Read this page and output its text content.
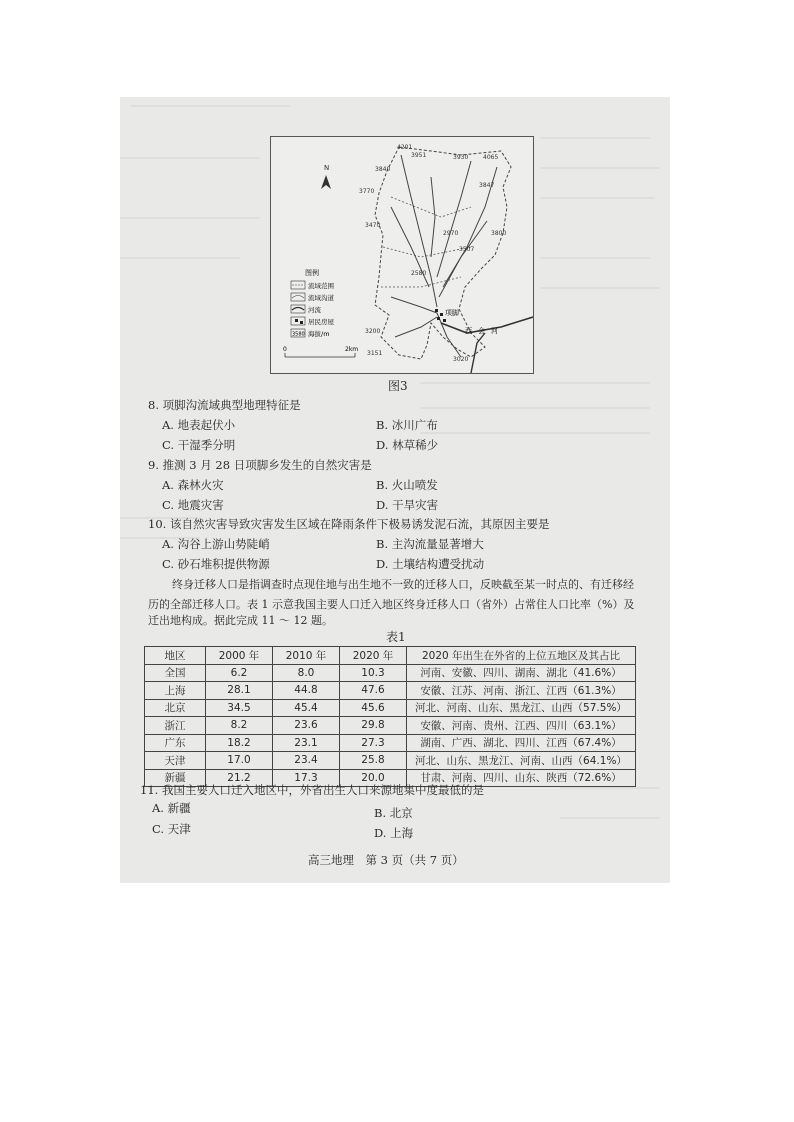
N
项脚
西会河
4201
3951	3930 4065
3840
3770
3847
3470
2970	3800
3507
2580
3200
3151
3020
图例
流域范围
流域沟道
河流
居民房屋
3580 海拔/m
0	2km
图3
8. 项脚沟流域典型地理特征是
A. 地表起伏小	B. 冰川广布
C. 干湿季分明	D. 林草稀少
9. 推测 3 月 28 日项脚乡发生的自然灾害是
A. 森林火灾	B. 火山喷发
C. 地震灾害	D. 干旱灾害
10. 该自然灾害导致灾害发生区域在降雨条件下极易诱发泥石流，其原因主要是
A. 沟谷上游山势陡峭	B. 主沟流量显著增大
C. 砂石堆积提供物源	D. 土壤结构遭受扰动
终身迁移人口是指调查时点现住地与出生地不一致的迁移人口，反映截至某一时点的、有迁移经
历的全部迁移人口。表 1 示意我国主要人口迁入地区终身迁移人口（省外）占常住人口比率（%）及
迁出地构成。据此完成 11 ～ 12 题。
表1
地区	2000 年	2010 年	2020 年	2020 年出生在外省的上位五地区及其占比
全国	6.2	8.0	10.3	河南、安徽、四川、湖南、湖北（41.6%）
上海	28.1	44.8	47.6	安徽、江苏、河南、浙江、江西（61.3%）
北京	34.5	45.4	45.6	河北、河南、山东、黑龙江、山西（57.5%）
浙江	8.2	23.6	29.8	安徽、河南、贵州、江西、四川（63.1%）
广东	18.2	23.1	27.3	湖南、广西、湖北、四川、江西（67.4%）
天津	17.0	23.4	25.8	河北、山东、黑龙江、河南、山西（64.1%）
新疆	21.2	17.3	20.0	甘肃、河南、四川、山东、陕西（72.6%）
11. 我国主要人口迁入地区中，外省出生人口来源地集中度最低的是
A. 新疆	B. 北京
C. 天津	D. 上海
高三地理　第 3 页（共 7 页）
